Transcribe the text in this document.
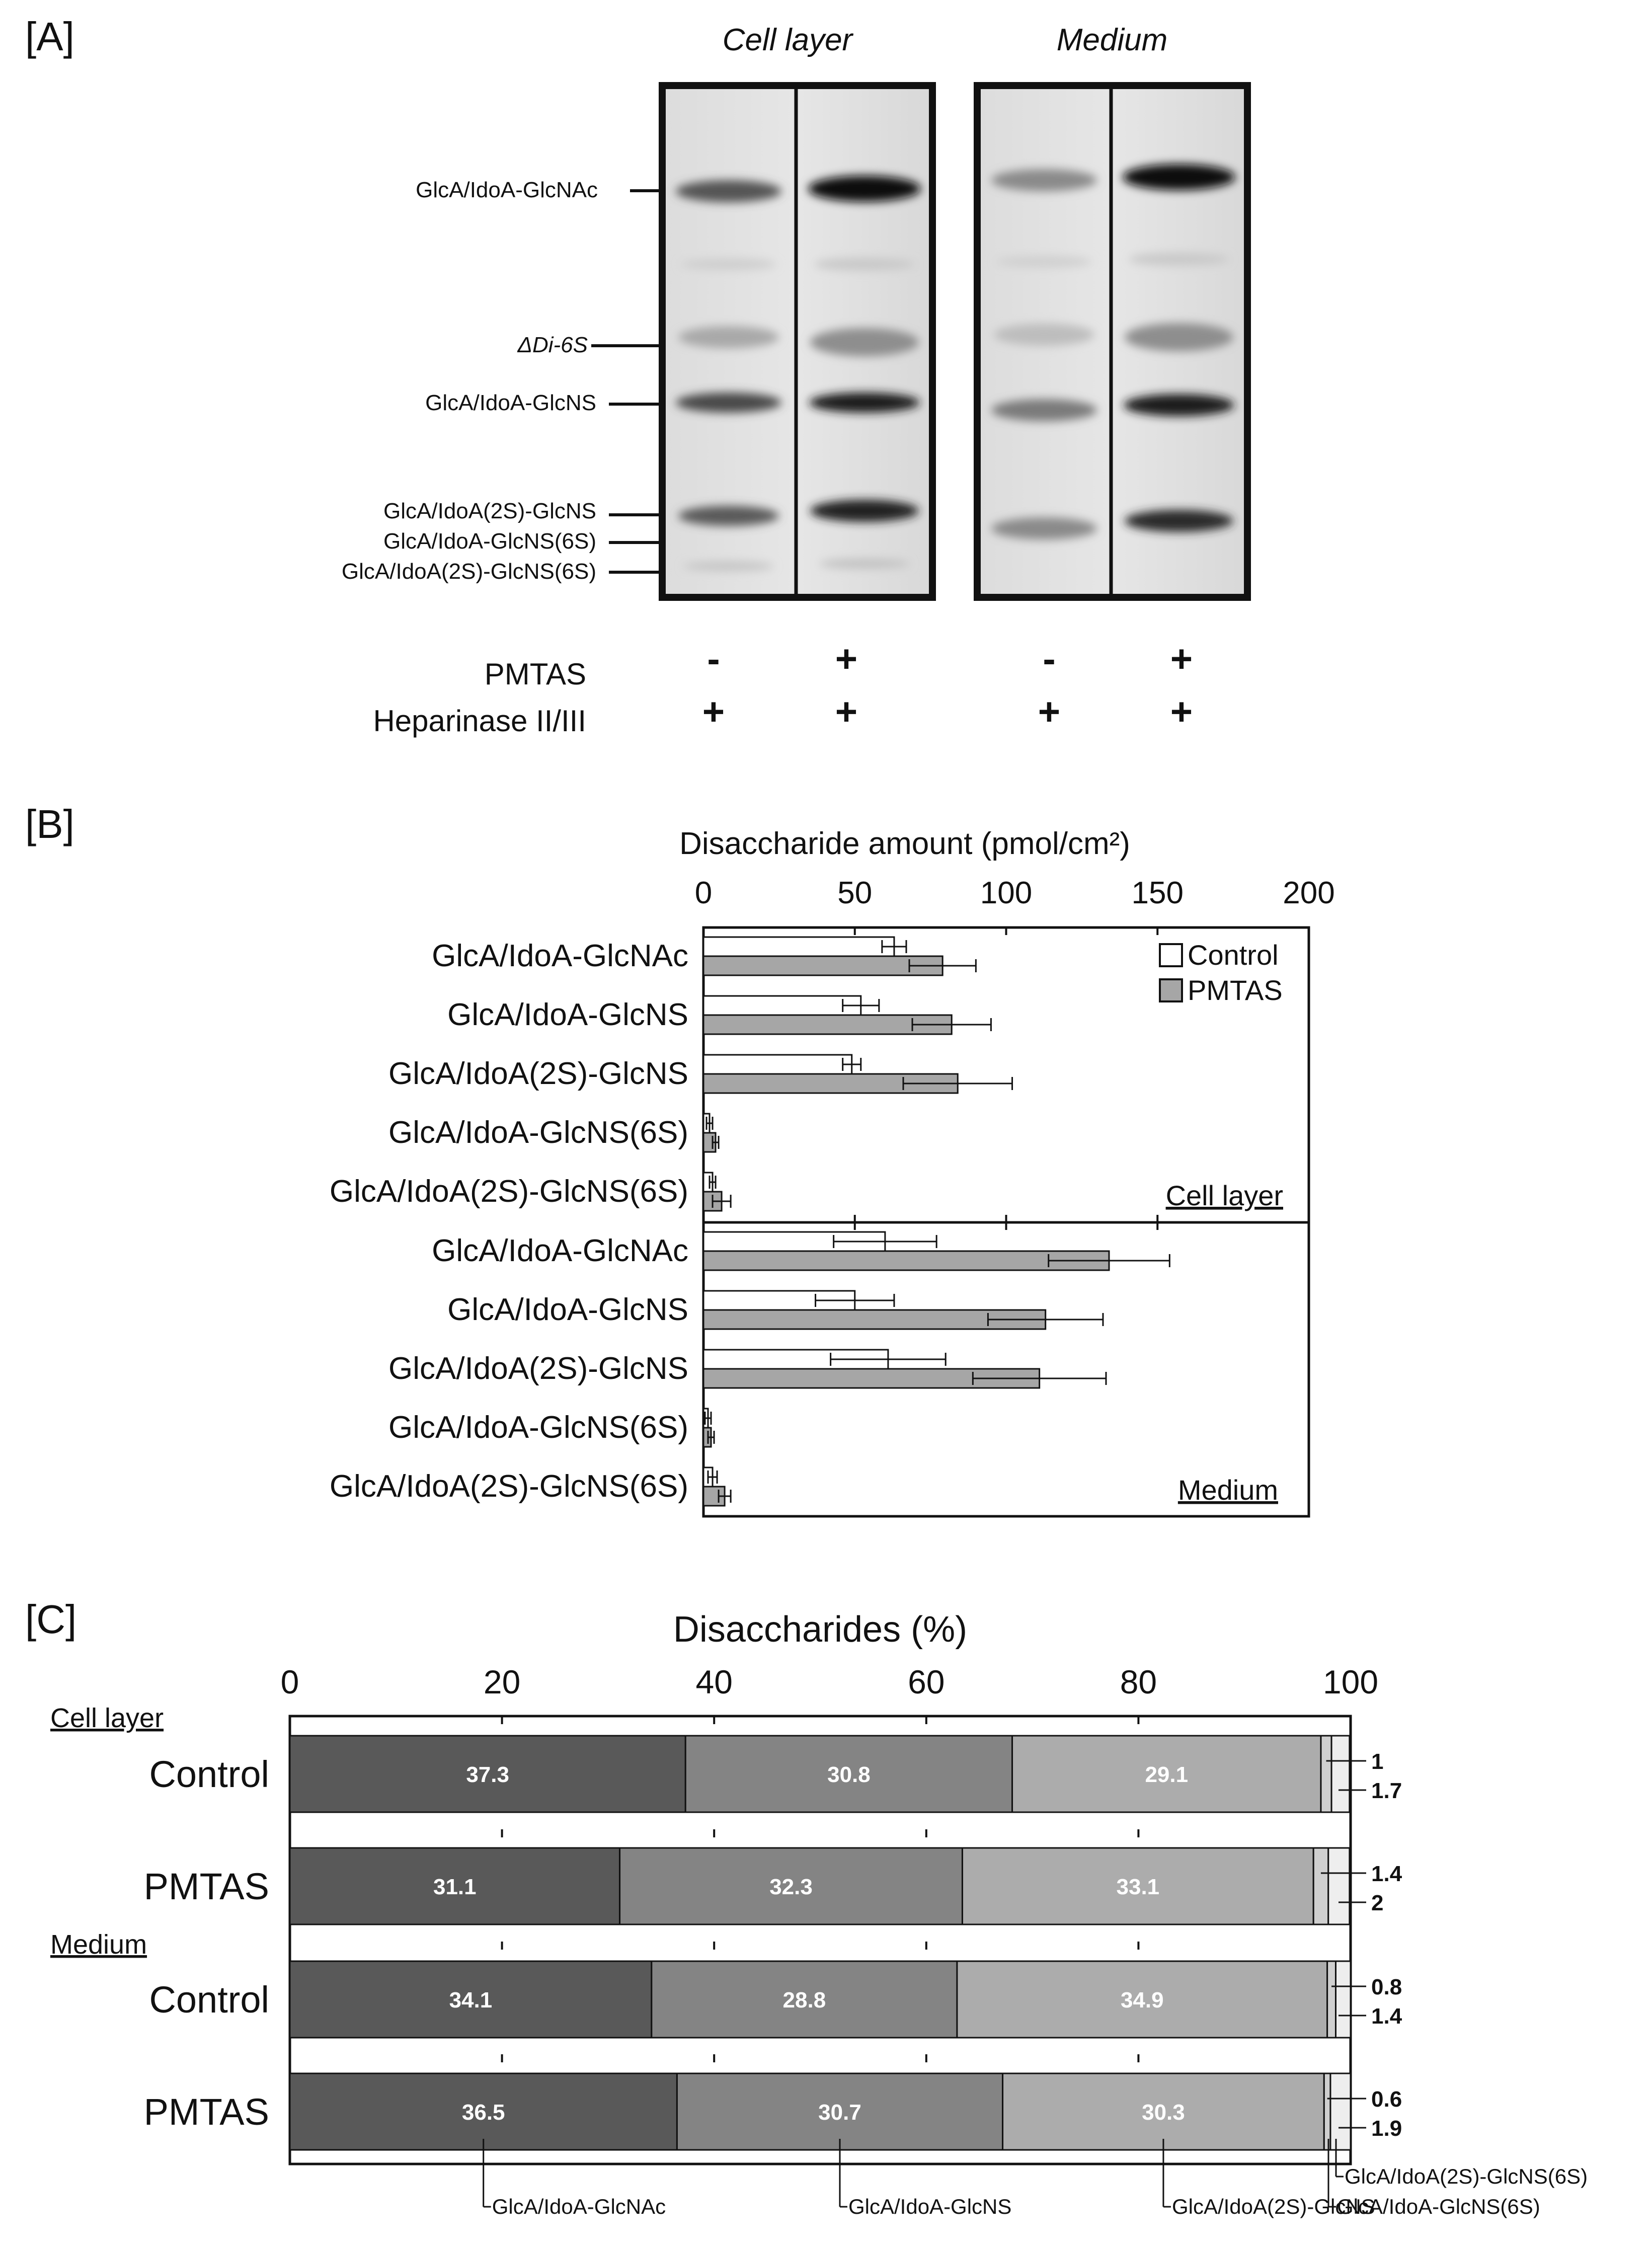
[A]	Cell layer	Medium
GlcA/IdoA-GlcNAc
ΔDi-6S
GlcA/IdoA-GlcNS
GlcA/IdoA(2S)-GlcNS
GlcA/IdoA-GlcNS(6S)
GlcA/IdoA(2S)-GlcNS(6S)
PMTAS
Heparinase II/III
-	+	-	+
+	+	+	+
[B]	Disaccharide amount (pmol/cm²)
0	50	100	150	200
GlcA/IdoA-GlcNAc
GlcA/IdoA-GlcNS
GlcA/IdoA(2S)-GlcNS
GlcA/IdoA-GlcNS(6S)
GlcA/IdoA(2S)-GlcNS(6S)
GlcA/IdoA-GlcNAc
GlcA/IdoA-GlcNS
GlcA/IdoA(2S)-GlcNS
GlcA/IdoA-GlcNS(6S)
GlcA/IdoA(2S)-GlcNS(6S)
Cell layer
Medium
Control
PMTAS
[C]	Disaccharides (%)
0	20	40	60	80	100
37.3	30.8	29.1
1
1.7
31.1	32.3	33.1
1.4
2
34.1	28.8	34.9
0.8
1.4
36.5	30.7	30.3
0.6
1.9
Cell layer
Medium
Control
PMTAS
Control
PMTAS
GlcA/IdoA-GlcNAc	GlcA/IdoA-GlcNS	GlcA/IdoA(2S)-GlcNS
GlcA/IdoA-GlcNS(6S)
GlcA/IdoA(2S)-GlcNS(6S)
